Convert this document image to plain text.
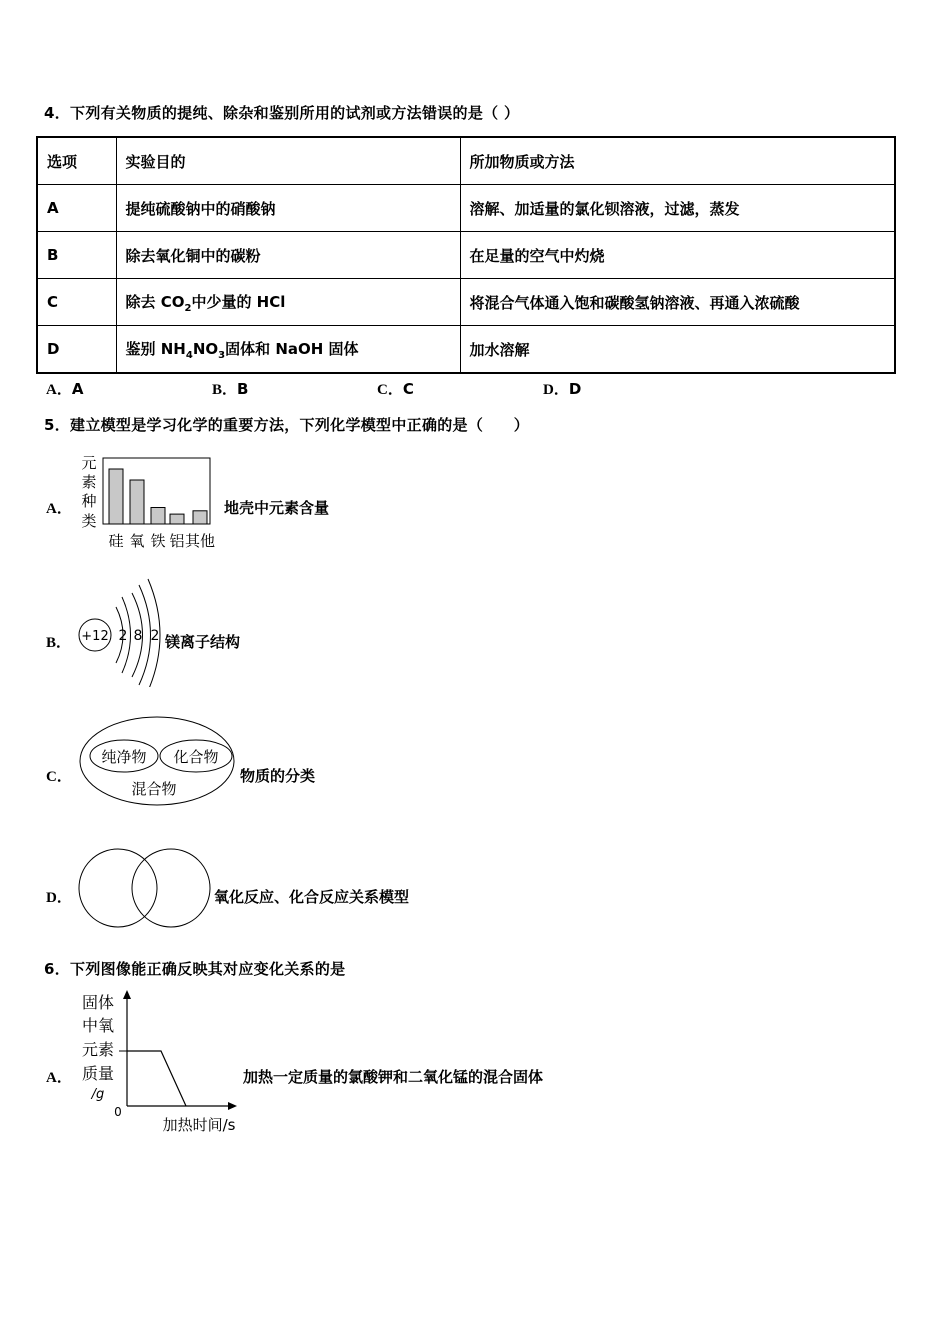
4．下列有关物质的提纯、除杂和鉴别所用的试剂或方法错误的是（ ）
选项	实验目的	所加物质或方法
A	提纯硫酸钠中的硝酸钠	溶解、加适量的氯化钡溶液，过滤，蒸发
B	除去氧化铜中的碳粉	在足量的空气中灼烧
C	除去 $CO_2$中少量的 HCl	将混合气体通入饱和碳酸氢钠溶液、再通入浓硫酸
D	鉴别 $NH_4NO_3$固体和 NaOH 固体	加水溶解
A．A	B．B	C．C	D．D
5．建立模型是学习化学的重要方法，下列化学模型中正确的是（　　）
A．
元
素
种
类
硅 氧 铁 铝 其他
地壳中元素含量
B． +12 2 8 2 镁离子结构
C．
纯净物 化合物
混合物
物质的分类
D．	氧化反应、化合反应关系模型
6．下列图像能正确反映其对应变化关系的是
A．
固体
中氧
元素
质量
/g
0
加热时间/s
加热一定质量的氯酸钾和二氧化锰的混合固体
